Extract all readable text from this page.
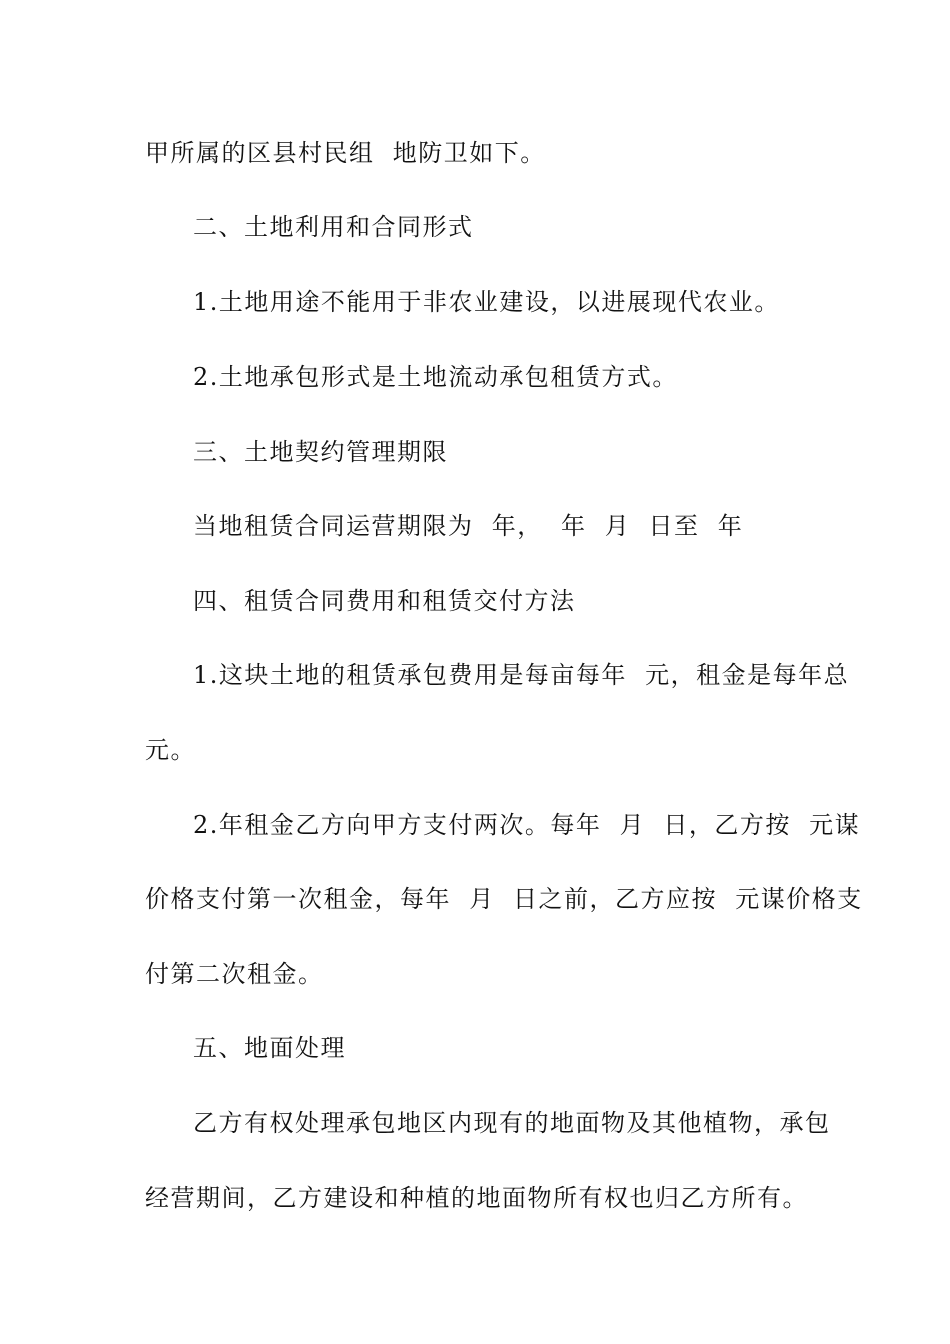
甲所属的区县村民组  地防卫如下。
二、土地利用和合同形式
1.土地用途不能用于非农业建设，以进展现代农业。
2.土地承包形式是土地流动承包租赁方式。
三、土地契约管理期限
当地租赁合同运营期限为  年，  年  月  日至  年
四、租赁合同费用和租赁交付方法
1.这块土地的租赁承包费用是每亩每年  元，租金是每年总
元。
2.年租金乙方向甲方支付两次。每年  月  日，乙方按  元谋
价格支付第一次租金，每年  月  日之前，乙方应按  元谋价格支
付第二次租金。
五、地面处理
乙方有权处理承包地区内现有的地面物及其他植物，承包
经营期间，乙方建设和种植的地面物所有权也归乙方所有。
